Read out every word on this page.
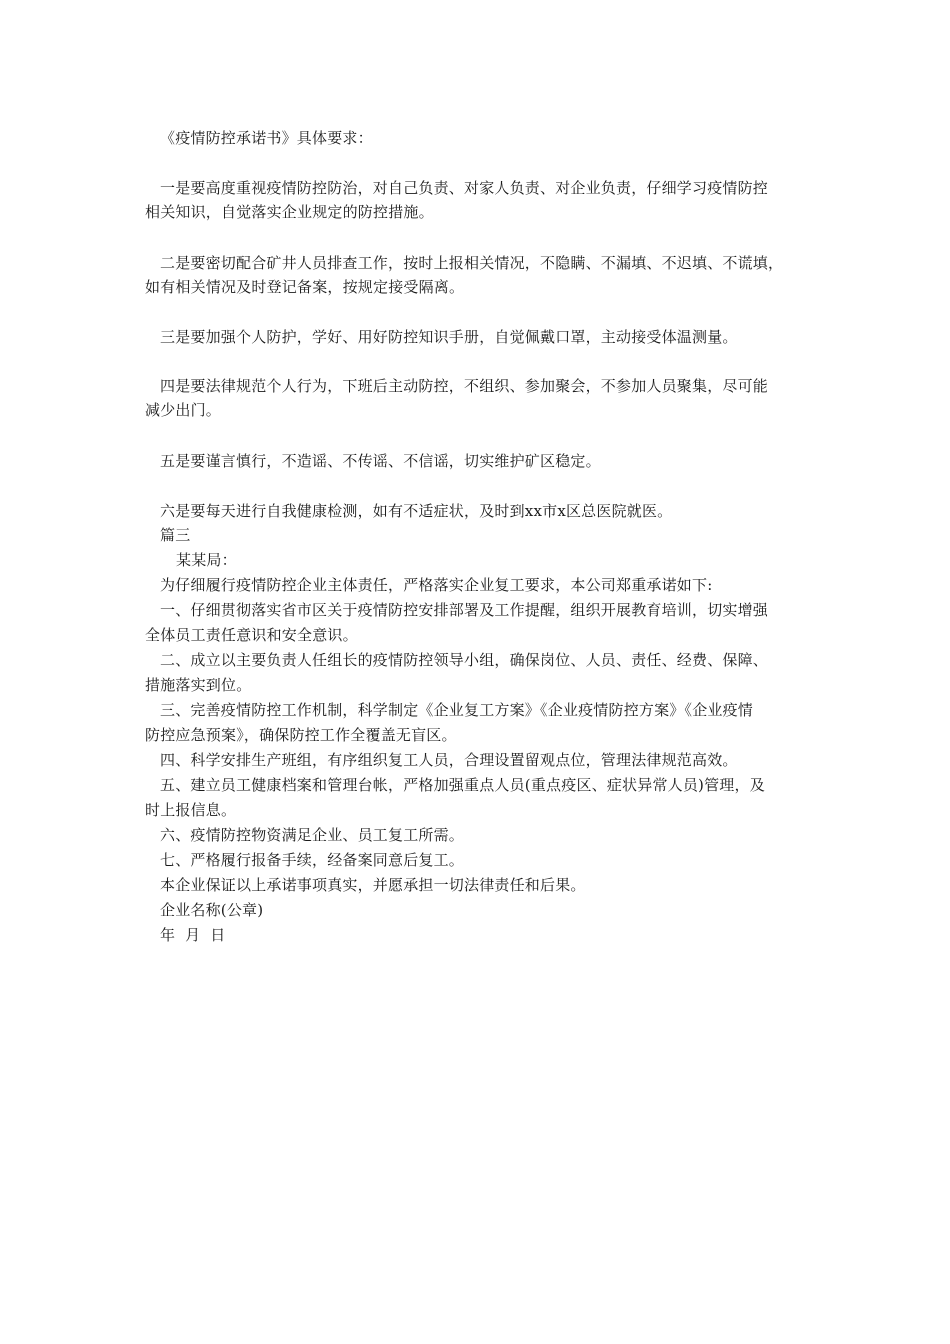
《疫情防控承诺书》具体要求：
一是要高度重视疫情防控防治，对自己负责、对家人负责、对企业负责，仔细学习疫情防控
相关知识，自觉落实企业规定的防控措施。
二是要密切配合矿井人员排查工作，按时上报相关情况，不隐瞒、不漏填、不迟填、不谎填，
如有相关情况及时登记备案，按规定接受隔离。
三是要加强个人防护，学好、用好防控知识手册，自觉佩戴口罩，主动接受体温测量。
四是要法律规范个人行为，下班后主动防控，不组织、参加聚会，不参加人员聚集，尽可能
减少出门。
五是要谨言慎行，不造谣、不传谣、不信谣，切实维护矿区稳定。
六是要每天进行自我健康检测，如有不适症状，及时到xx市x区总医院就医。
篇三
某某局：
为仔细履行疫情防控企业主体责任，严格落实企业复工要求，本公司郑重承诺如下:
一、仔细贯彻落实省市区关于疫情防控安排部署及工作提醒，组织开展教育培训，切实增强
全体员工责任意识和安全意识。
二、成立以主要负责人任组长的疫情防控领导小组，确保岗位、人员、责任、经费、保障、
措施落实到位。
三、完善疫情防控工作机制，科学制定《企业复工方案》《企业疫情防控方案》《企业疫情
防控应急预案》，确保防控工作全覆盖无盲区。
四、科学安排生产班组，有序组织复工人员，合理设置留观点位，管理法律规范高效。
五、建立员工健康档案和管理台帐，严格加强重点人员(重点疫区、症状异常人员)管理，及
时上报信息。
六、疫情防控物资满足企业、员工复工所需。
七、严格履行报备手续，经备案同意后复工。
本企业保证以上承诺事项真实，并愿承担一切法律责任和后果。
企业名称(公章)
年  月  日
